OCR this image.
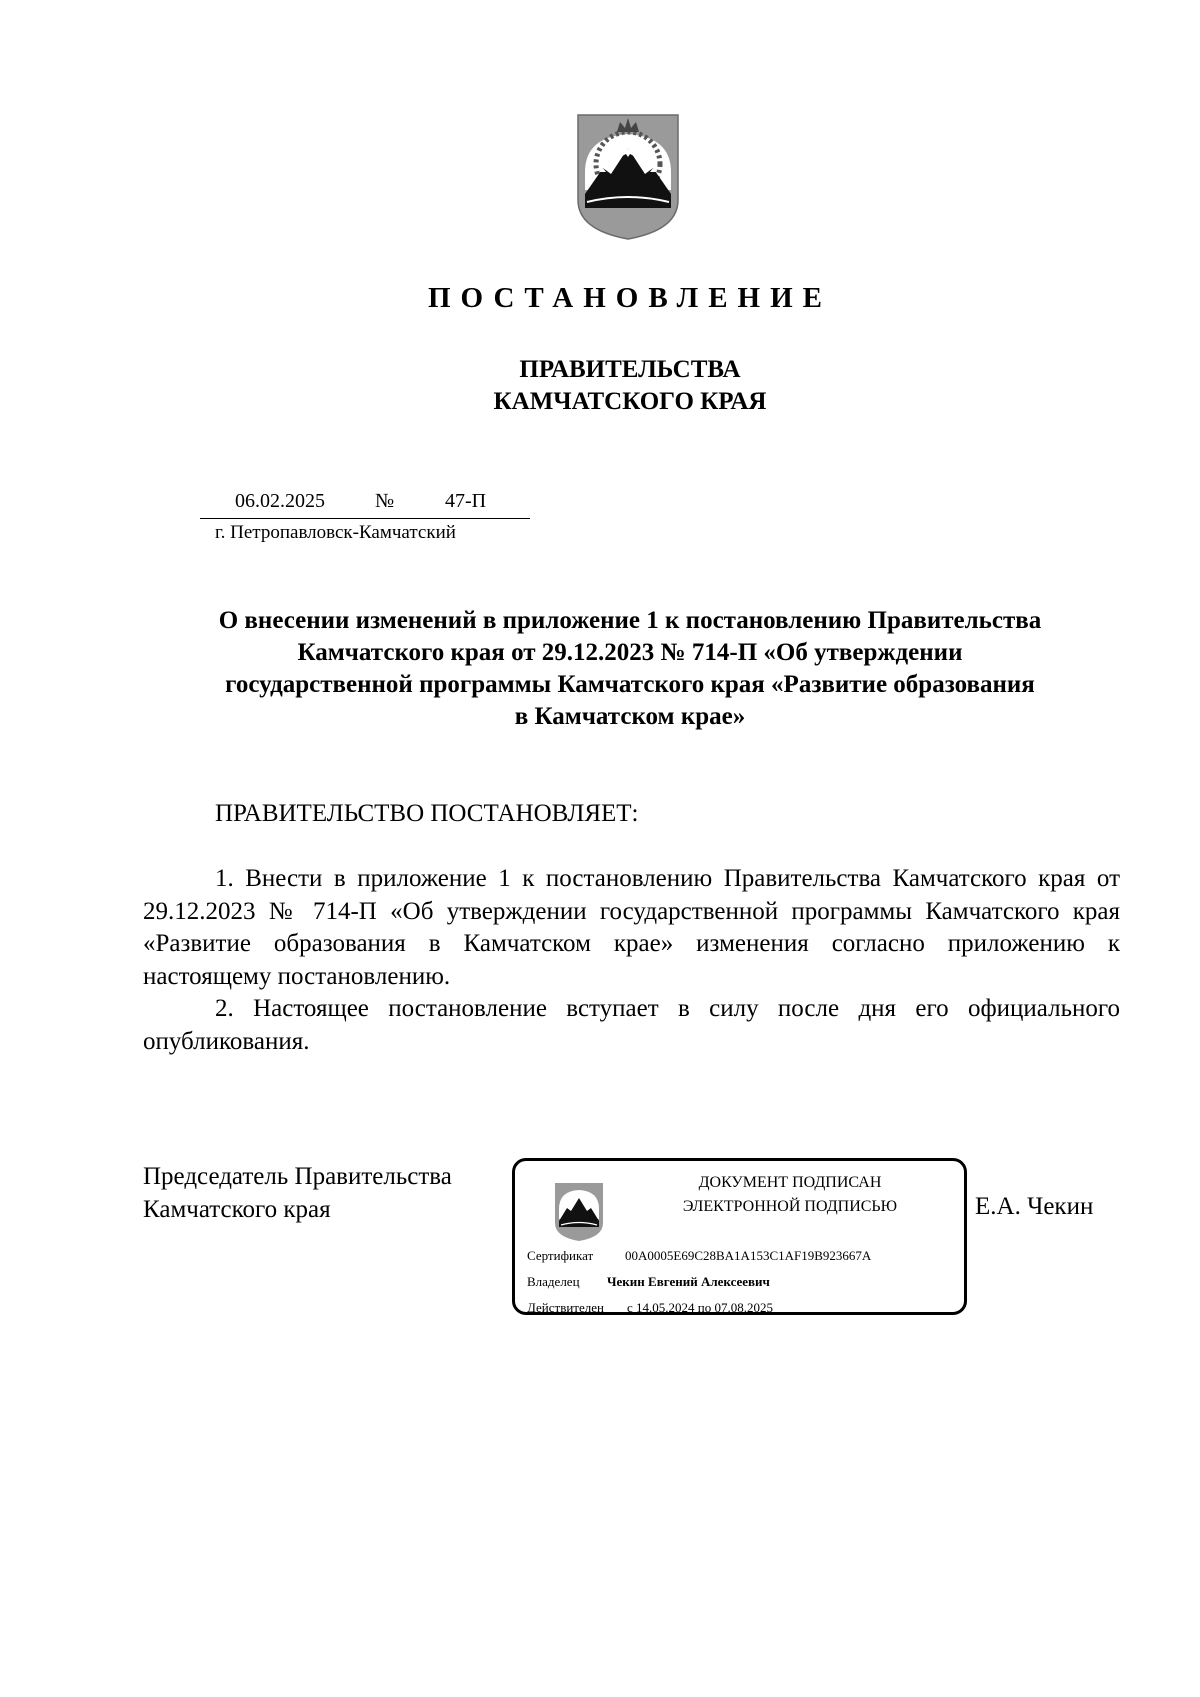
ПОСТАНОВЛЕНИЕ
ПРАВИТЕЛЬСТВА
КАМЧАТСКОГО КРАЯ
06.02.2025	№	47-П
г. Петропавловск-Камчатский
О внесении изменений в приложение 1 к постановлению Правительства
Камчатского края от 29.12.2023 № 714-П «Об утверждении
государственной программы Камчатского края «Развитие образования
в Камчатском крае»
ПРАВИТЕЛЬСТВО ПОСТАНОВЛЯЕТ:

1. Внести в приложение 1 к постановлению Правительства Камчатского края от 29.12.2023 № 714-П «Об утверждении государственной программы Камчатского края «Развитие образования в Камчатском крае» изменения согласно приложению к настоящему постановлению.

2. Настоящее постановление вступает в силу после дня его официального опубликования.

Председатель Правительства
Камчатского края
ДОКУМЕНТ ПОДПИСАН
ЭЛЕКТРОННОЙ ПОДПИСЬЮ
Сертификат 00A0005E69C28BA1A153C1AF19B923667A
Владелец Чекин Евгений Алексеевич
Действителен с 14.05.2024 по 07.08.2025
Е.А. Чекин
